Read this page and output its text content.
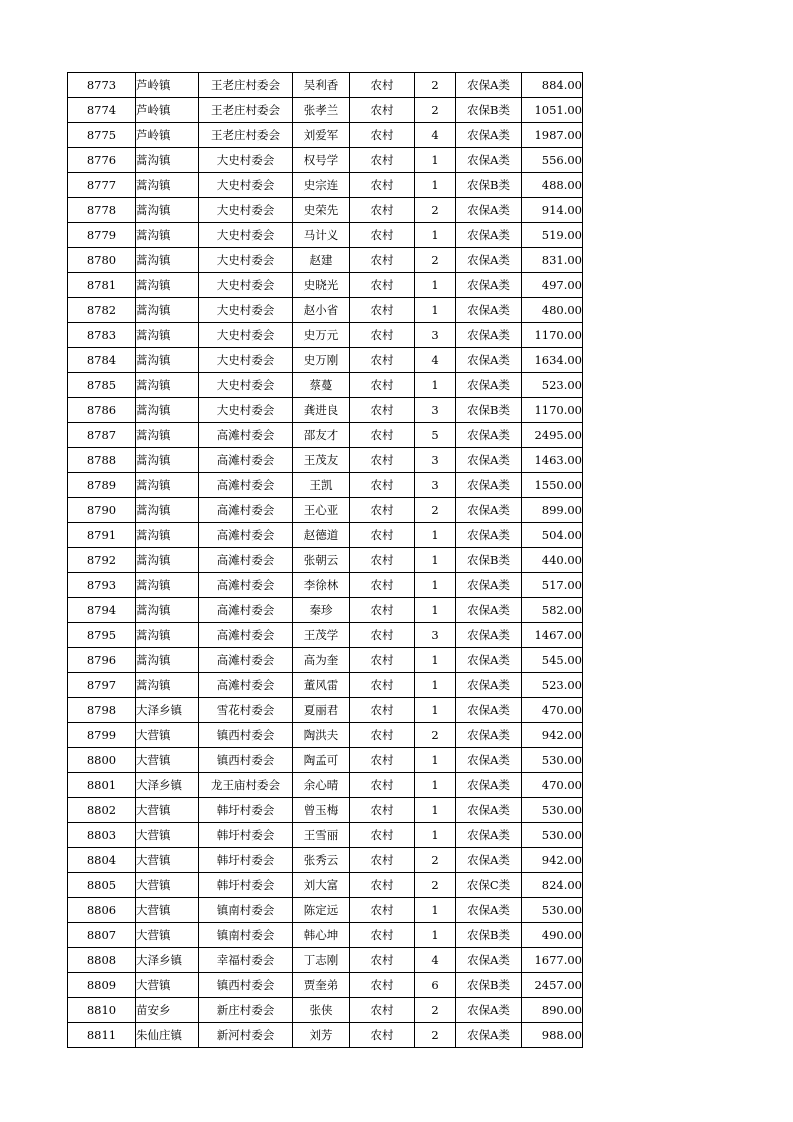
8773	芦岭镇	王老庄村委会	吴利香	农村	2	农保A类	884.00
8774	芦岭镇	王老庄村委会	张孝兰	农村	2	农保B类	1051.00
8775	芦岭镇	王老庄村委会	刘爱军	农村	4	农保A类	1987.00
8776	蒿沟镇	大史村委会	权号学	农村	1	农保A类	556.00
8777	蒿沟镇	大史村委会	史宗连	农村	1	农保B类	488.00
8778	蒿沟镇	大史村委会	史荣先	农村	2	农保A类	914.00
8779	蒿沟镇	大史村委会	马计义	农村	1	农保A类	519.00
8780	蒿沟镇	大史村委会	赵建	农村	2	农保A类	831.00
8781	蒿沟镇	大史村委会	史晓光	农村	1	农保A类	497.00
8782	蒿沟镇	大史村委会	赵小省	农村	1	农保A类	480.00
8783	蒿沟镇	大史村委会	史万元	农村	3	农保A类	1170.00
8784	蒿沟镇	大史村委会	史万刚	农村	4	农保A类	1634.00
8785	蒿沟镇	大史村委会	蔡蔓	农村	1	农保A类	523.00
8786	蒿沟镇	大史村委会	龚进良	农村	3	农保B类	1170.00
8787	蒿沟镇	高滩村委会	邵友才	农村	5	农保A类	2495.00
8788	蒿沟镇	高滩村委会	王茂友	农村	3	农保A类	1463.00
8789	蒿沟镇	高滩村委会	王凯	农村	3	农保A类	1550.00
8790	蒿沟镇	高滩村委会	王心亚	农村	2	农保A类	899.00
8791	蒿沟镇	高滩村委会	赵德道	农村	1	农保A类	504.00
8792	蒿沟镇	高滩村委会	张朝云	农村	1	农保B类	440.00
8793	蒿沟镇	高滩村委会	李徐林	农村	1	农保A类	517.00
8794	蒿沟镇	高滩村委会	秦珍	农村	1	农保A类	582.00
8795	蒿沟镇	高滩村委会	王茂学	农村	3	农保A类	1467.00
8796	蒿沟镇	高滩村委会	高为奎	农村	1	农保A类	545.00
8797	蒿沟镇	高滩村委会	董风雷	农村	1	农保A类	523.00
8798	大泽乡镇	雪花村委会	夏丽君	农村	1	农保A类	470.00
8799	大营镇	镇西村委会	陶洪夫	农村	2	农保A类	942.00
8800	大营镇	镇西村委会	陶孟可	农村	1	农保A类	530.00
8801	大泽乡镇	龙王庙村委会	余心晴	农村	1	农保A类	470.00
8802	大营镇	韩圩村委会	曾玉梅	农村	1	农保A类	530.00
8803	大营镇	韩圩村委会	王雪丽	农村	1	农保A类	530.00
8804	大营镇	韩圩村委会	张秀云	农村	2	农保A类	942.00
8805	大营镇	韩圩村委会	刘大富	农村	2	农保C类	824.00
8806	大营镇	镇南村委会	陈定远	农村	1	农保A类	530.00
8807	大营镇	镇南村委会	韩心坤	农村	1	农保B类	490.00
8808	大泽乡镇	幸福村委会	丁志刚	农村	4	农保A类	1677.00
8809	大营镇	镇西村委会	贾奎弟	农村	6	农保B类	2457.00
8810	苗安乡	新庄村委会	张侠	农村	2	农保A类	890.00
8811	朱仙庄镇	新河村委会	刘芳	农村	2	农保A类	988.00
